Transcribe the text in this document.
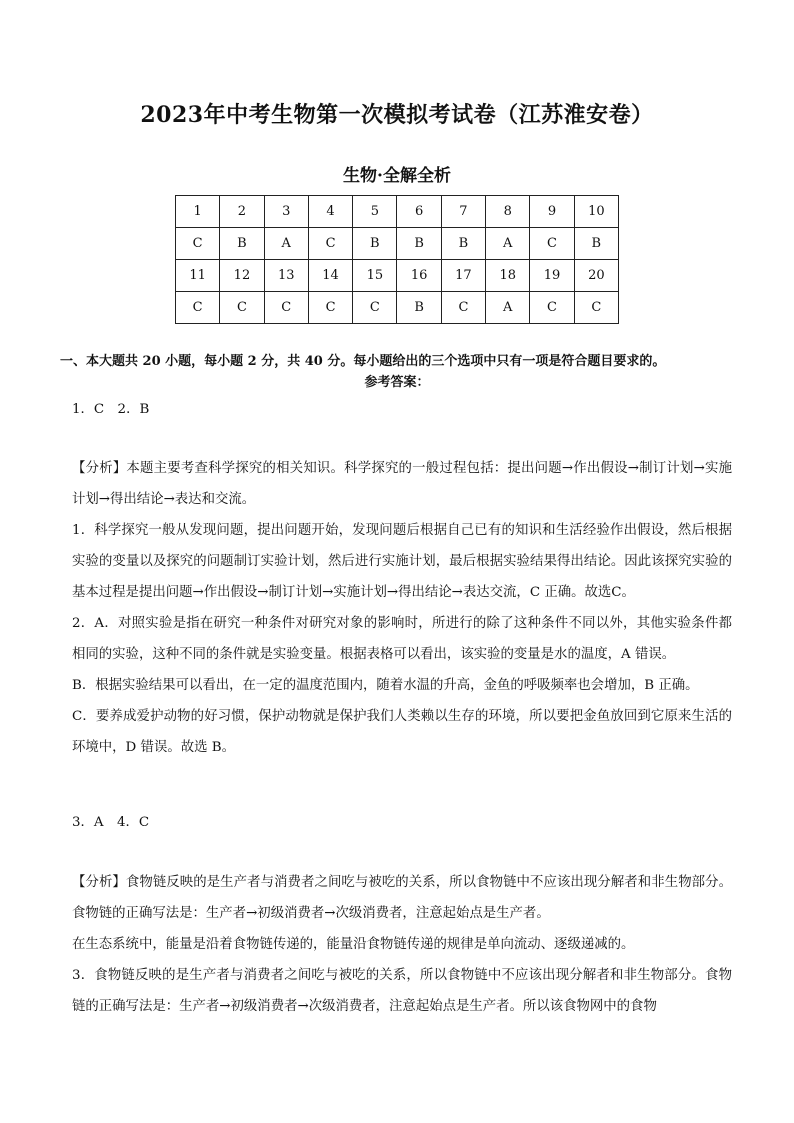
2023年中考生物第一次模拟考试卷（江苏淮安卷）
生物·全解全析
1	2	3	4	5	6	7	8	9	10
C	B	A	C	B	B	B	A	C	B
11	12	13	14	15	16	17	18	19	20
C	C	C	C	C	B	C	A	C	C
一、本大题共 20 小题，每小题 2 分，共 40 分。每小题给出的三个选项中只有一项是符合题目要求的。
参考答案：
1．C　2．B

【分析】本题主要考查科学探究的相关知识。科学探究的一般过程包括：提出问题→作出假设→制订计划→实施计划→得出结论→表达和交流。

1．科学探究一般从发现问题，提出问题开始，发现问题后根据自己已有的知识和生活经验作出假设，然后根据实验的变量以及探究的问题制订实验计划，然后进行实施计划，最后根据实验结果得出结论。因此该探究实验的基本过程是提出问题→作出假设→制订计划→实施计划→得出结论→表达交流，C 正确。故选C。

2．A．对照实验是指在研究一种条件对研究对象的影响时，所进行的除了这种条件不同以外，其他实验条件都相同的实验，这种不同的条件就是实验变量。根据表格可以看出，该实验的变量是水的温度，A 错误。

B．根据实验结果可以看出，在一定的温度范围内，随着水温的升高，金鱼的呼吸频率也会增加，B 正确。

C．要养成爱护动物的好习惯，保护动物就是保护我们人类赖以生存的环境，所以要把金鱼放回到它原来生活的环境中，D 错误。故选 B。

3．A　4．C

【分析】食物链反映的是生产者与消费者之间吃与被吃的关系，所以食物链中不应该出现分解者和非生物部分。食物链的正确写法是：生产者→初级消费者→次级消费者，注意起始点是生产者。

在生态系统中，能量是沿着食物链传递的，能量沿食物链传递的规律是单向流动、逐级递减的。

3．食物链反映的是生产者与消费者之间吃与被吃的关系，所以食物链中不应该出现分解者和非生物部分。食物链的正确写法是：生产者→初级消费者→次级消费者，注意起始点是生产者。所以该食物网中的食物
